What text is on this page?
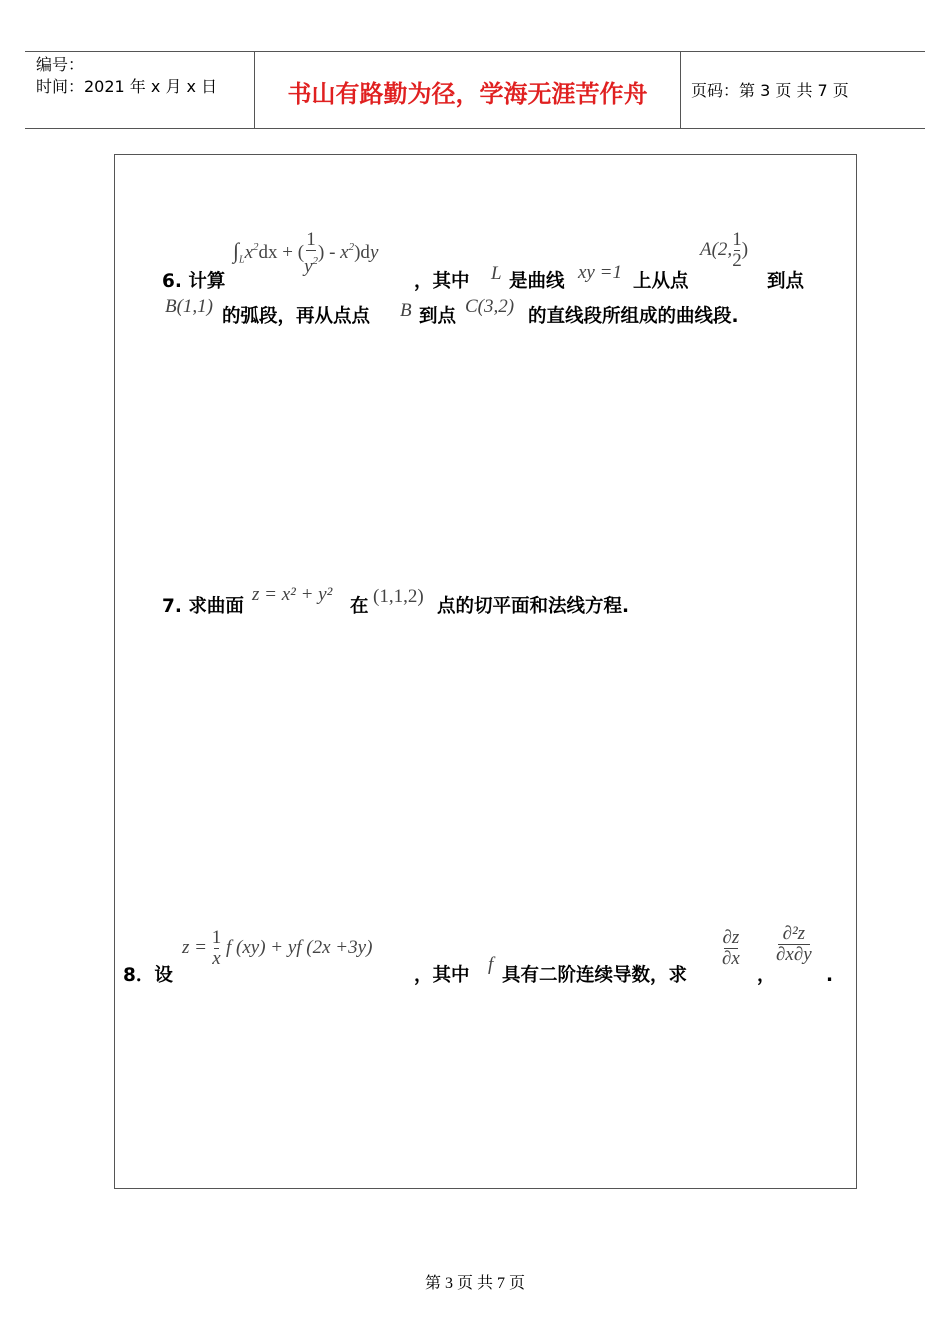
编号：
时间：2021 年 x 月 x 日	书山有路勤为径，学海无涯苦作舟	页码：第 3 页 共 7 页
6. 计算
$\int_Lx^2dx$ + ( $\frac{1}{y^2}$ ) - $x^2)dy$
，其中 L 是曲线 xy =1 上从点
A(2, $\frac{1}{2}$ )
到点
B(1,1) 的弧段，再从点点 B 到点 C(3,2) 的直线段所组成的曲线段.
7. 求曲面
z = x² + y²
在 (1,1,2) 点的切平面和法线方程.
8．设
$z = \frac{1}{x}$ f (xy) + yf (2x +3y)
，其中
f
具有二阶连续导数，求
$\frac{\partial z}{\partial x}$
，
$\frac{\text{∂²z}}{\partial x\partial y}$
.
第 3 页 共 7 页
